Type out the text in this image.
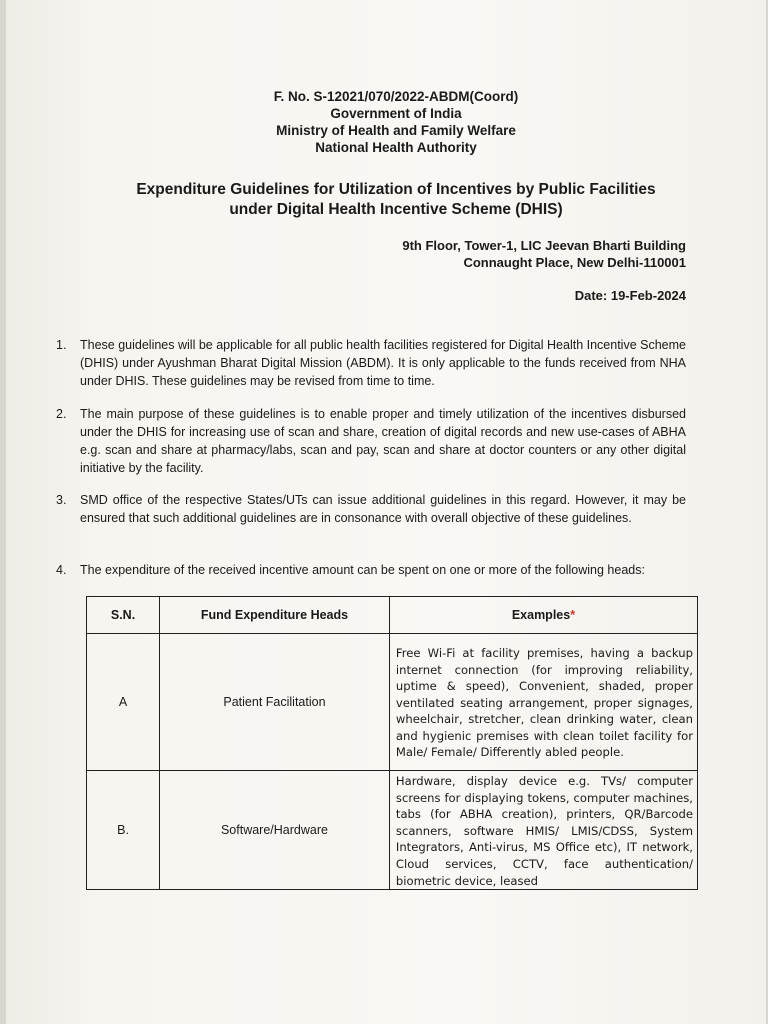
F. No. S-12021/070/2022-ABDM(Coord)
Government of India
Ministry of Health and Family Welfare
National Health Authority
Expenditure Guidelines for Utilization of Incentives by Public Facilities under Digital Health Incentive Scheme (DHIS)
9th Floor, Tower-1, LIC Jeevan Bharti Building
Connaught Place, New Delhi-110001
Date: 19-Feb-2024
1. These guidelines will be applicable for all public health facilities registered for Digital Health Incentive Scheme (DHIS) under Ayushman Bharat Digital Mission (ABDM). It is only applicable to the funds received from NHA under DHIS. These guidelines may be revised from time to time.
2. The main purpose of these guidelines is to enable proper and timely utilization of the incentives disbursed under the DHIS for increasing use of scan and share, creation of digital records and new use-cases of ABHA e.g. scan and share at pharmacy/labs, scan and pay, scan and share at doctor counters or any other digital initiative by the facility.
3. SMD office of the respective States/UTs can issue additional guidelines in this regard. However, it may be ensured that such additional guidelines are in consonance with overall objective of these guidelines.
4. The expenditure of the received incentive amount can be spent on one or more of the following heads:
S.N.	Fund Expenditure Heads	Examples*
A	Patient Facilitation	Free Wi-Fi at facility premises, having a backup internet connection (for improving reliability, uptime & speed), Convenient, shaded, proper ventilated seating arrangement, proper signages, wheelchair, stretcher, clean drinking water, clean and hygienic premises with clean toilet facility for Male/ Female/ Differently abled people.
B.	Software/Hardware	Hardware, display device e.g. TVs/ computer screens for displaying tokens, computer machines, tabs (for ABHA creation), printers, QR/Barcode scanners, software HMIS/ LMIS/CDSS, System Integrators, Anti-virus, MS Office etc), IT network, Cloud services, CCTV, face authentication/ biometric device, leased
